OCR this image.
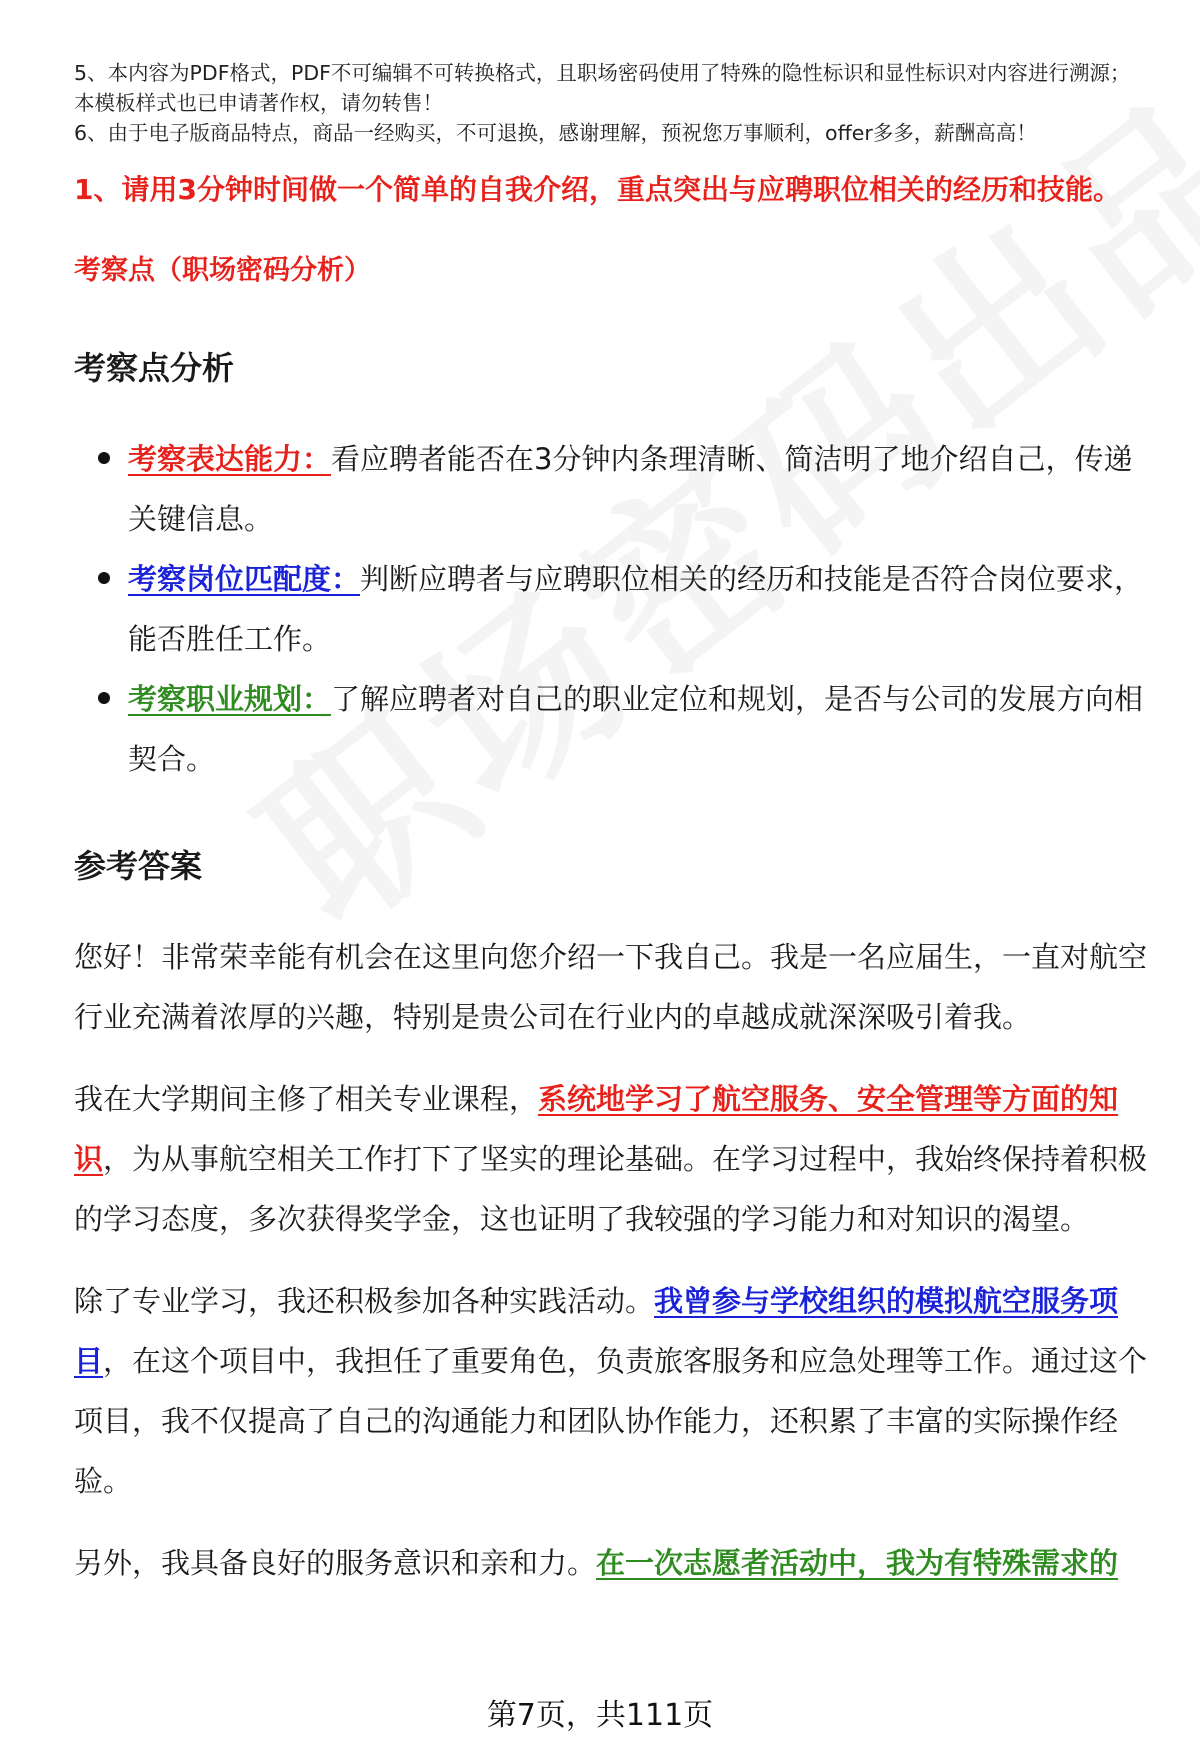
5、本内容为PDF格式，PDF不可编辑不可转换格式，且职场密码使用了特殊的隐性标识和显性标识对内容进行溯源；本模板样式也已申请著作权，请勿转售！

6、由于电子版商品特点，商品一经购买，不可退换，感谢理解，预祝您万事顺利，offer多多，薪酬高高！

1、请用3分钟时间做一个简单的自我介绍，重点突出与应聘职位相关的经历和技能。
考察点（职场密码分析）
考察点分析
考察表达能力：看应聘者能否在3分钟内条理清晰、简洁明了地介绍自己，传递关键信息。
考察岗位匹配度：判断应聘者与应聘职位相关的经历和技能是否符合岗位要求，能否胜任工作。
考察职业规划：了解应聘者对自己的职业定位和规划，是否与公司的发展方向相契合。
参考答案

您好！非常荣幸能有机会在这里向您介绍一下我自己。我是一名应届生，一直对航空行业充满着浓厚的兴趣，特别是贵公司在行业内的卓越成就深深吸引着我。

我在大学期间主修了相关专业课程，系统地学习了航空服务、安全管理等方面的知识，为从事航空相关工作打下了坚实的理论基础。在学习过程中，我始终保持着积极的学习态度，多次获得奖学金，这也证明了我较强的学习能力和对知识的渴望。

除了专业学习，我还积极参加各种实践活动。我曾参与学校组织的模拟航空服务项目，在这个项目中，我担任了重要角色，负责旅客服务和应急处理等工作。通过这个项目，我不仅提高了自己的沟通能力和团队协作能力，还积累了丰富的实际操作经验。

另外，我具备良好的服务意识和亲和力。在一次志愿者活动中，我为有特殊需求的

第7页，共111页
